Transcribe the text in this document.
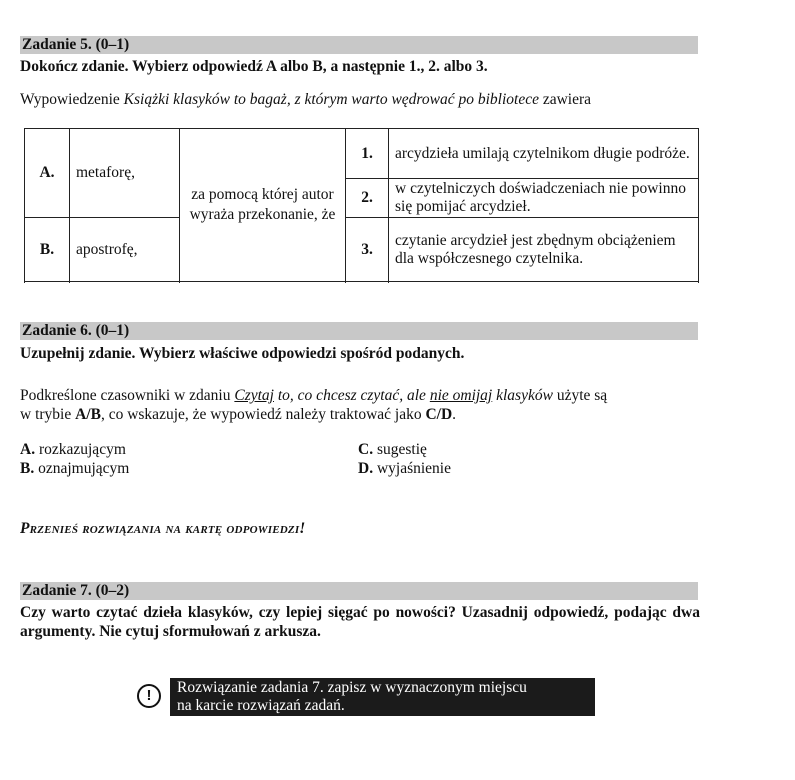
Zadanie 5. (0–1)
Dokończ zdanie. Wybierz odpowiedź A albo B, a następnie 1., 2. albo 3.
Wypowiedzenie Książki klasyków to bagaż, z którym warto wędrować po bibliotece zawiera
A.	metaforę,	za pomocą której autor wyraża przekonanie, że	1.	arcydzieła umilają czytelnikom długie podróże.

			2.	w czytelniczych doświadczeniach nie powinno się pomijać arcydzieł.
B.	apostrofę,		3.	czytanie arcydzieł jest zbędnym obciążeniem dla współczesnego czytelnika.

Zadanie 6. (0–1)
Uzupełnij zdanie. Wybierz właściwe odpowiedzi spośród podanych.
Podkreślone czasowniki w zdaniu Czytaj to, co chcesz czytać, ale nie omijaj klasyków użyte są
w trybie A/B, co wskazuje, że wypowiedź należy traktować jako C/D.
A. rozkazującym
B. oznajmującym
C. sugestię
D. wyjaśnienie
Przenieś rozwiązania na kartę odpowiedzi!
Zadanie 7. (0–2)
Czy warto czytać dzieła klasyków, czy lepiej sięgać po nowości? Uzasadnij odpowiedź, podając dwa argumenty. Nie cytuj sformułowań z arkusza.
!	Rozwiązanie zadania 7. zapisz w wyznaczonym miejscu
na karcie rozwiązań zadań.
